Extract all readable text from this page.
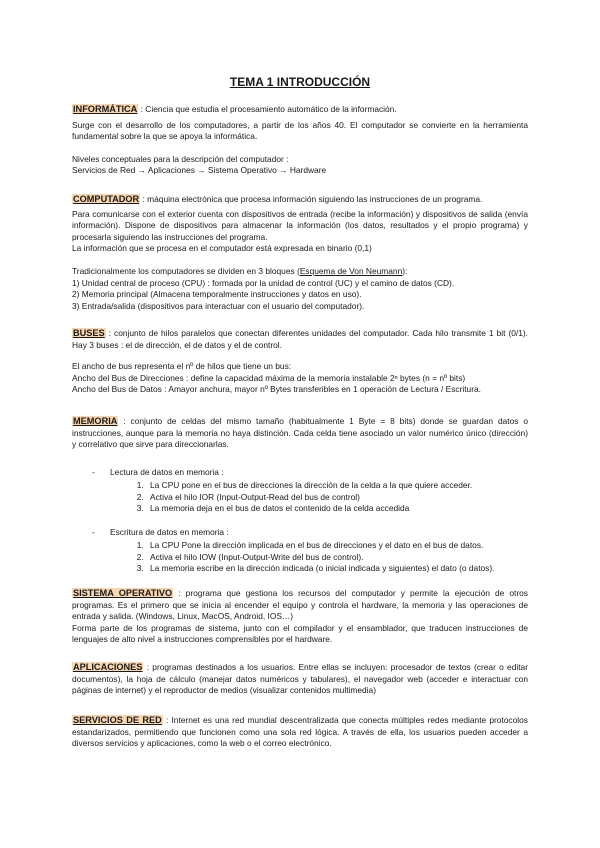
TEMA 1 INTRODUCCIÓN
INFORMÁTICA : Ciencia que estudia el procesamiento automático de la información.
Surge con el desarrollo de los computadores, a partir de los años 40. El computador se convierte en la herramienta fundamental sobre la que se apoya la informática.
Niveles conceptuales para la descripción del computador :
Servicios de Red → Aplicaciones → Sistema Operativo → Hardware
COMPUTADOR : máquina electrónica que procesa información siguiendo las instrucciones de un programa.
Para comunicarse con el exterior cuenta con dispositivos de entrada (recibe la información) y dispositivos de salida (envía información). Dispone de dispositivos para almacenar la información (los datos, resultados y el propio programa) y procesarla siguiendo las instrucciones del programa.
La información que se procesa en el computador está expresada en binario (0,1)
Tradicionalmente los computadores se dividen en 3 bloques (Esquema de Von Neumann):
1) Unidad central de proceso (CPU) : formada por la unidad de control (UC) y el camino de datos (CD).
2) Memoria principal (Almacena temporalmente instrucciones y datos en uso).
3) Entrada/salida (dispositivos para interactuar con el usuario del computador).
BUSES : conjunto de hilos paralelos que conectan diferentes unidades del computador. Cada hilo transmite 1 bit (0/1). Hay 3 buses : el de dirección, el de datos y el de control.
El ancho de bus representa el nº de hilos que tiene un bus:
Ancho del Bus de Direcciones : define la capacidad máxima de la memoria instalable 2ⁿ bytes (n = nº bits)
Ancho del Bus de Datos : Amayor anchura, mayor nº Bytes transferibles en 1 operación de Lectura / Escritura.
MEMORIA : conjunto de celdas del mismo tamaño (habitualmente 1 Byte = 8 bits) donde se guardan datos o instrucciones, aunque para la memoria no haya distinción. Cada celda tiene asociado un valor numérico único (dirección) y correlativo que sirve para direccionarlas.
- Lectura de datos en memoria :
1. La CPU pone en el bus de direcciones la dirección de la celda a la que quiere acceder.
2. Activa el hilo IOR (Input-Output-Read del bus de control)
3. La memoria deja en el bus de datos el contenido de la celda accedida
- Escritura de datos en memoria :
1. La CPU Pone la dirección implicada en el bus de direcciones y el dato en el bus de datos.
2. Activa el hilo IOW (Input-Output-Write del bus de control).
3. La memoria escribe en la dirección indicada (o inicial indicada y siguientes) el dato (o datos).
SISTEMA OPERATIVO : programa que gestiona los recursos del computador y permite la ejecución de otros programas. Es el primero que se inicia al encender el equipo y controla el hardware, la memoria y las operaciones de entrada y salida. (Windows, Linux, MacOS, Android, IOS…)
Forma parte de los programas de sistema, junto con el compilador y el ensamblador, que traducen instrucciones de lenguajes de alto nivel a instrucciones comprensibles por el hardware.
APLICACIONES : programas destinados a los usuarios. Entre ellas se incluyen: procesador de textos (crear o editar documentos), la hoja de cálculo (manejar datos numéricos y tabulares), el navegador web (acceder e interactuar con páginas de internet) y el reproductor de medios (visualizar contenidos multimedia)
SERVICIOS DE RED : Internet es una red mundial descentralizada que conecta múltiples redes mediante protocolos estandarizados, permitiendo que funcionen como una sola red lógica. A través de ella, los usuarios pueden acceder a diversos servicios y aplicaciones, como la web o el correo electrónico.
